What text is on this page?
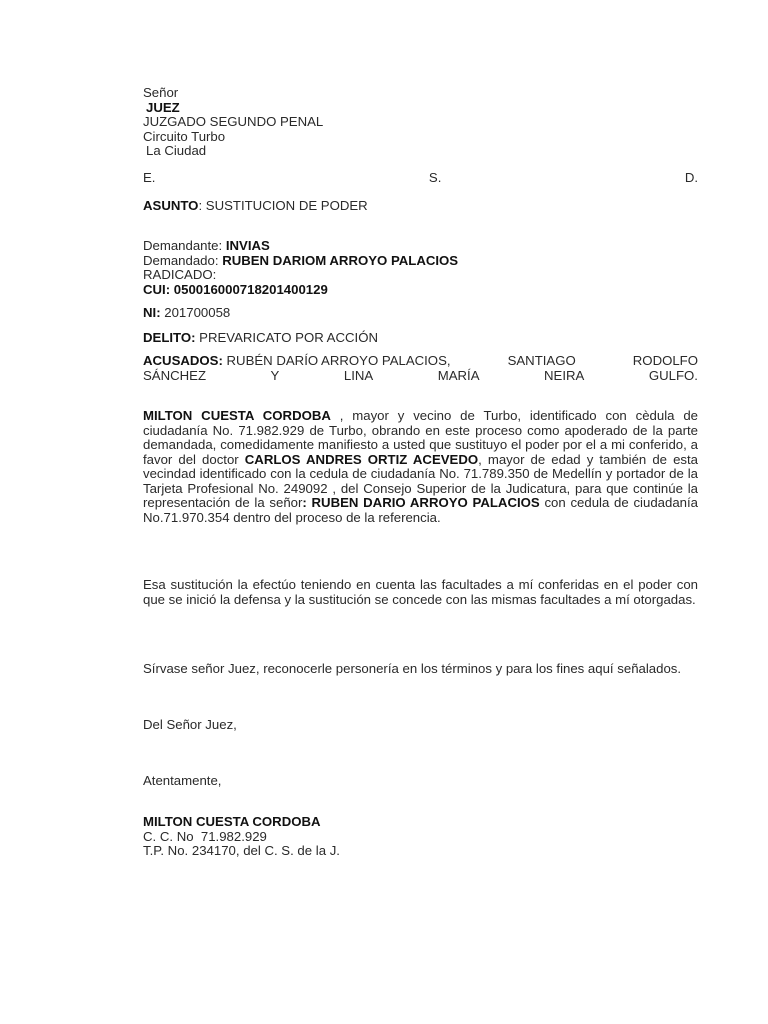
Señor
JUEZ
JUZGADO SEGUNDO PENAL
Circuito Turbo
La Ciudad
E.	S.	D.
ASUNTO: SUSTITUCION DE PODER
Demandante: INVIAS
Demandado: RUBEN DARIOM ARROYO PALACIOS
RADICADO:
CUI: 050016000718201400129
NI: 201700058
DELITO: PREVARICATO POR ACCIÓN
ACUSADOS: RUBÉN DARÍO ARROYO PALACIOS,	SANTIAGO	RODOLFO
SÁNCHEZ	Y	LINA	MARÍA	NEIRA	GULFO.
MILTON CUESTA CORDOBA , mayor y vecino de Turbo, identificado con cèdula de ciudadanía No. 71.982.929 de Turbo, obrando en este proceso como apoderado de la parte demandada, comedidamente manifiesto a usted que sustituyo el poder por el a mi conferido, a favor del doctor CARLOS ANDRES ORTIZ ACEVEDO, mayor de edad y también de esta vecindad identificado con la cedula de ciudadanía No. 71.789.350 de Medellín y portador de la Tarjeta Profesional No. 249092 , del Consejo Superior de la Judicatura, para que continúe la representación de la señor: RUBEN DARIO ARROYO PALACIOS con cedula de ciudadanía No.71.970.354 dentro del proceso de la referencia.
Esa sustitución la efectúo teniendo en cuenta las facultades a mí conferidas en el poder con que se inició la defensa y la sustitución se concede con las mismas facultades a mí otorgadas.
Sírvase señor Juez, reconocerle personería en los términos y para los fines aquí señalados.
Del Señor Juez,
Atentamente,
MILTON CUESTA CORDOBA
C. C. No  71.982.929
T.P. No. 234170, del C. S. de la J.
